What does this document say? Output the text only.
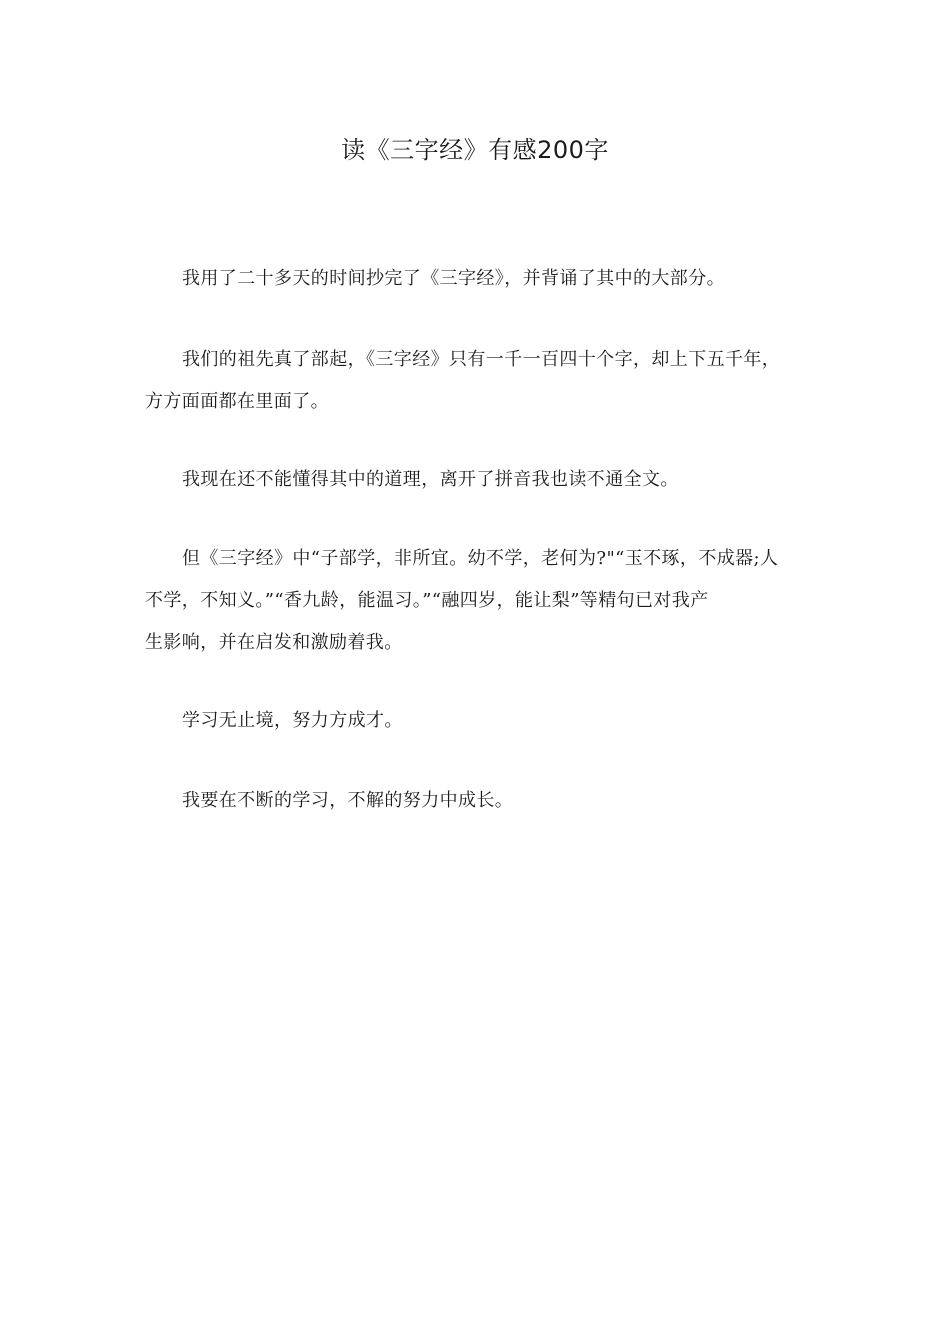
读《三字经》有感200字

我用了二十多天的时间抄完了《三字经》，并背诵了其中的大部分。

我们的祖先真了部起，《三字经》只有一千一百四十个字，却上下五千年，
方方面面都在里面了。

我现在还不能懂得其中的道理，离开了拼音我也读不通全文。

但《三字经》中“子部学，非所宜。幼不学，老何为?"“玉不琢，不成器;人
不学，不知义。”“香九龄，能温习。”“融四岁，能让梨”等精句已对我产
生影响，并在启发和激励着我。

学习无止境，努力方成才。

我要在不断的学习，不解的努力中成长。
